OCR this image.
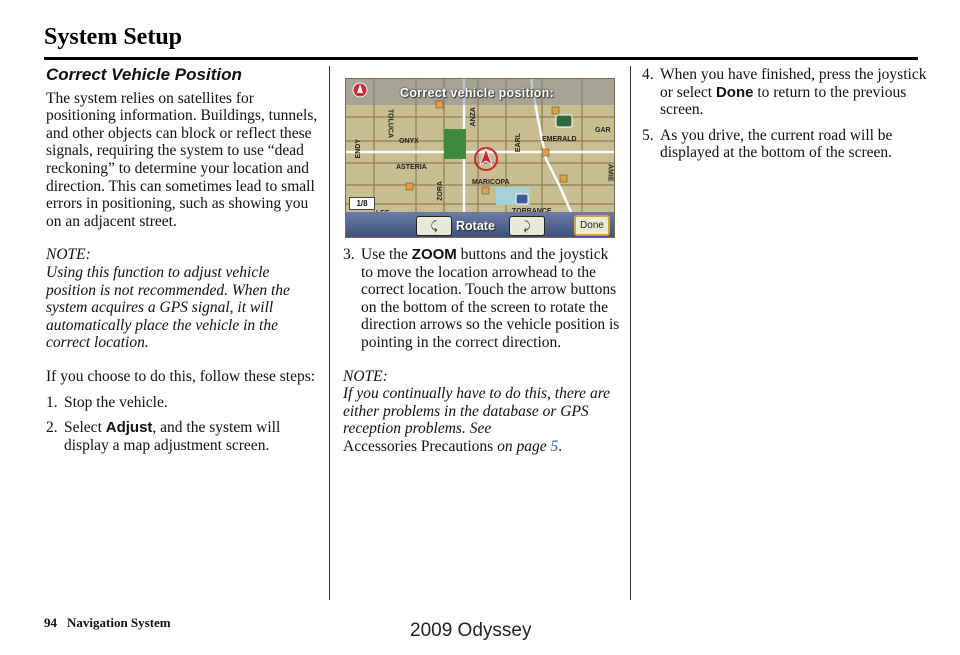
System Setup
Correct Vehicle Position

The system relies on satellites for positioning information. Buildings, tunnels, and other objects can block or reflect these signals, requiring the system to use “dead reckoning” to determine your location and direction. This can sometimes lead to small errors in positioning, such as showing you on an adjacent street.

NOTE:

Using this function to adjust vehicle position is not recommended. When the system acquires a GPS signal, it will automatically place the vehicle in the correct location.

If you choose to do this, follow these steps:

1. Stop the vehicle.
2. Select Adjust, and the system will display a map adjustment screen.
Correct vehicle position:
ONYX
ASTERIA
MARICOPA
EMERALD
TOLUCA
ENDY	EARL
AMIE
GAR
ANZA
ZORA
1/8
⤹	Rotate	⤸	Done
3. Use the ZOOM buttons and the joystick to move the location arrowhead to the correct location. Touch the arrow buttons on the bottom of the screen to rotate the direction arrows so the vehicle position is pointing in the correct direction.
NOTE:

If you continually have to do this, there are either problems in the database or GPS reception problems. See
Accessories Precautions on page 5.

4. When you have finished, press the joystick or select Done to return to the previous screen.
5. As you drive, the current road will be displayed at the bottom of the screen.
94 Navigation System	2009 Odyssey
